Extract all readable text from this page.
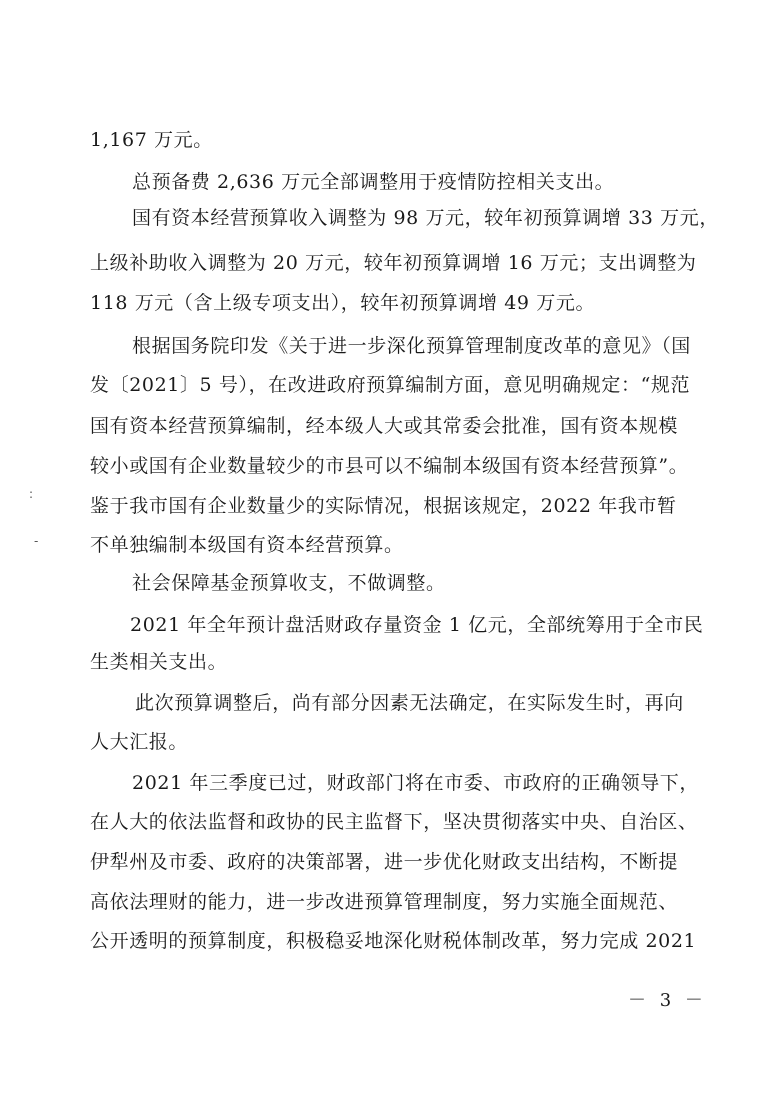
1,167 万元。
总预备费 2,636 万元全部调整用于疫情防控相关支出。
国有资本经营预算收入调整为 98 万元，较年初预算调增 33 万元，
上级补助收入调整为 20 万元，较年初预算调增 16 万元；支出调整为
118 万元（含上级专项支出），较年初预算调增 49 万元。
根据国务院印发《关于进一步深化预算管理制度改革的意见》（国
发〔2021〕5 号），在改进政府预算编制方面，意见明确规定：“规范
国有资本经营预算编制，经本级人大或其常委会批准，国有资本规模
较小或国有企业数量较少的市县可以不编制本级国有资本经营预算”。
鉴于我市国有企业数量少的实际情况，根据该规定，2022 年我市暂
不单独编制本级国有资本经营预算。
社会保障基金预算收支，不做调整。
2021 年全年预计盘活财政存量资金 1 亿元，全部统筹用于全市民
生类相关支出。
此次预算调整后，尚有部分因素无法确定，在实际发生时，再向
人大汇报。
2021 年三季度已过，财政部门将在市委、市政府的正确领导下，
在人大的依法监督和政协的民主监督下，坚决贯彻落实中央、自治区、
伊犁州及市委、政府的决策部署，进一步优化财政支出结构，不断提
高依法理财的能力，进一步改进预算管理制度，努力实施全面规范、
公开透明的预算制度，积极稳妥地深化财税体制改革，努力完成 2021
－ 3 －
:
-
